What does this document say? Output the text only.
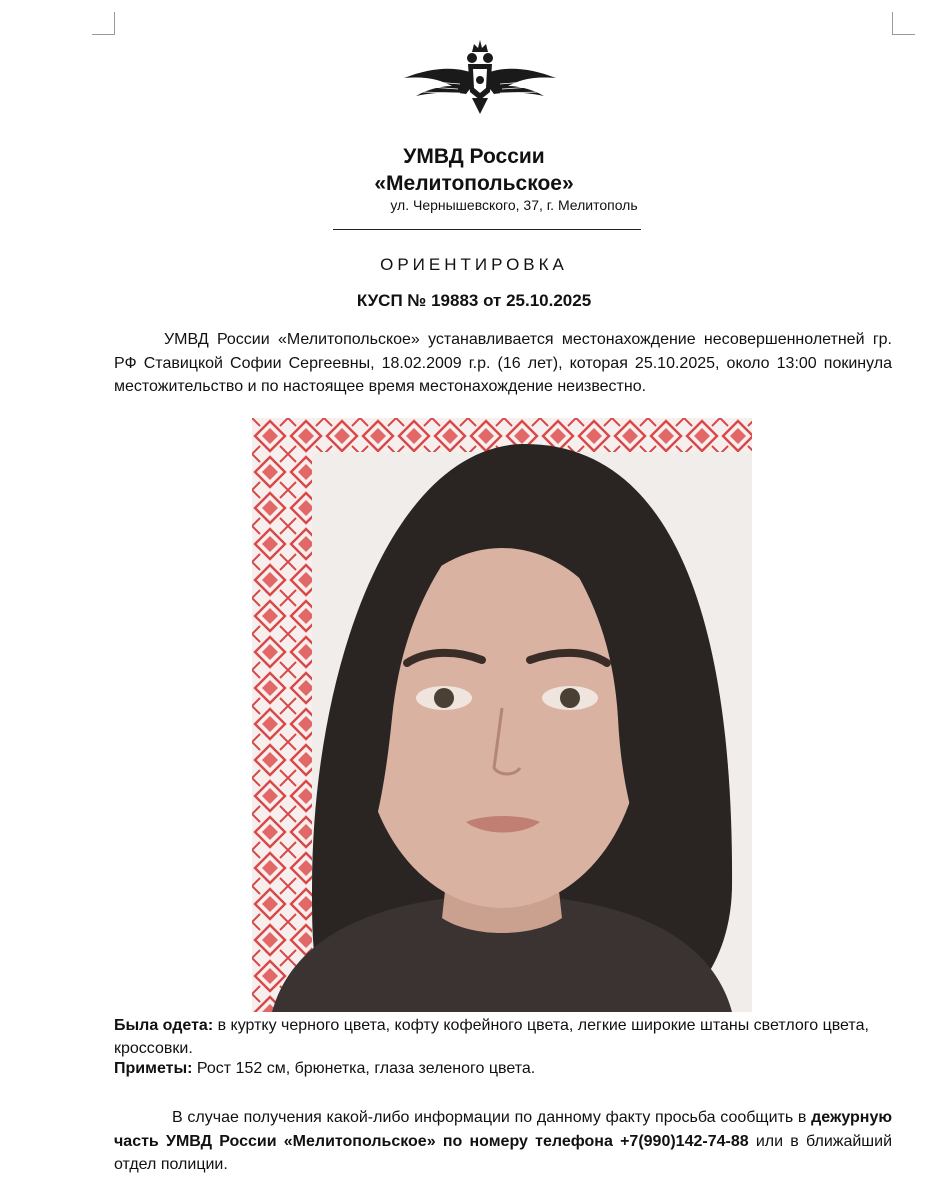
УМВД России
«Мелитопольское»
ул. Чернышевского, 37, г. Мелитополь
ОРИЕНТИРОВКА
КУСП № 19883 от 25.10.2025
УМВД России «Мелитопольское» устанавливается местонахождение несовершеннолетней гр. РФ Ставицкой Софии Сергеевны, 18.02.2009 г.р. (16 лет), которая 25.10.2025, около 13:00 покинула местожительство и по настоящее время местонахождение неизвестно.
Была одета: в куртку черного цвета, кофту кофейного цвета, легкие широкие штаны светлого цвета, кроссовки.
Приметы: Рост 152 см, брюнетка, глаза зеленого цвета.
В случае получения какой-либо информации по данному факту просьба сообщить в дежурную часть УМВД России «Мелитопольское» по номеру телефона +7(990)142-74-88 или в ближайший отдел полиции.
